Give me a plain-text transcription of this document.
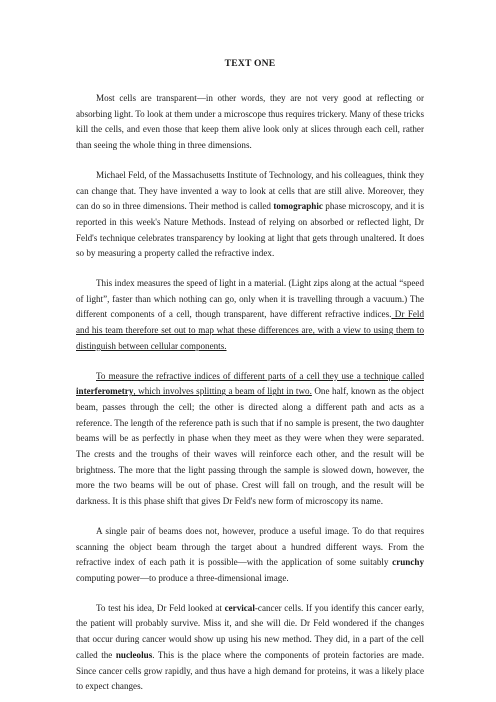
TEXT ONE

Most cells are transparent—in other words, they are not very good at reflecting or absorbing light. To look at them under a microscope thus requires trickery. Many of these tricks kill the cells, and even those that keep them alive look only at slices through each cell, rather than seeing the whole thing in three dimensions.

Michael Feld, of the Massachusetts Institute of Technology, and his colleagues, think they can change that. They have invented a way to look at cells that are still alive. Moreover, they can do so in three dimensions. Their method is called tomographic phase microscopy, and it is reported in this week's Nature Methods. Instead of relying on absorbed or reflected light, Dr Feld's technique celebrates transparency by looking at light that gets through unaltered. It does so by measuring a property called the refractive index.

This index measures the speed of light in a material. (Light zips along at the actual “speed of light”, faster than which nothing can go, only when it is travelling through a vacuum.) The different components of a cell, though transparent, have different refractive indices. Dr Feld and his team therefore set out to map what these differences are, with a view to using them to distinguish between cellular components.

To measure the refractive indices of different parts of a cell they use a technique called interferometry, which involves splitting a beam of light in two. One half, known as the object beam, passes through the cell; the other is directed along a different path and acts as a reference. The length of the reference path is such that if no sample is present, the two daughter beams will be as perfectly in phase when they meet as they were when they were separated. The crests and the troughs of their waves will reinforce each other, and the result will be brightness. The more that the light passing through the sample is slowed down, however, the more the two beams will be out of phase. Crest will fall on trough, and the result will be darkness. It is this phase shift that gives Dr Feld's new form of microscopy its name.

A single pair of beams does not, however, produce a useful image. To do that requires scanning the object beam through the target about a hundred different ways. From the refractive index of each path it is possible—with the application of some suitably crunchy computing power—to produce a three-dimensional image.

To test his idea, Dr Feld looked at cervical-cancer cells. If you identify this cancer early, the patient will probably survive. Miss it, and she will die. Dr Feld wondered if the changes that occur during cancer would show up using his new method. They did, in a part of the cell called the nucleolus. This is the place where the components of protein factories are made. Since cancer cells grow rapidly, and thus have a high demand for proteins, it was a likely place to expect changes.
